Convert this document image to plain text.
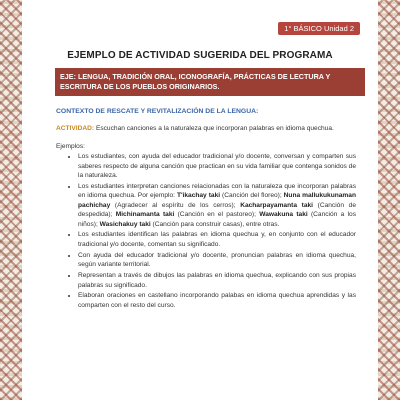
1° BÁSICO Unidad 2
EJEMPLO DE ACTIVIDAD SUGERIDA DEL PROGRAMA
EJE: LENGUA, TRADICIÓN ORAL, ICONOGRAFÍA, PRÁCTICAS DE LECTURA Y ESCRITURA DE LOS PUEBLOS ORIGINARIOS.
CONTEXTO DE RESCATE Y REVITALIZACIÓN DE LA LENGUA:
ACTIVIDAD: Escuchan canciones a la naturaleza que incorporan palabras en idioma quechua.
Ejemplos:
• Los estudiantes, con ayuda del educador tradicional y/o docente, conversan y comparten sus saberes respecto de alguna canción que practican en su vida familiar que contenga sonidos de la naturaleza.
• Los estudiantes interpretan canciones relacionadas con la naturaleza que incorporan palabras en idioma quechua. Por ejemplo: T'ikachay taki (Canción del floreo); Nuna mallukukunaman pachichay (Agradecer al espíritu de los cerros); Kacharpayamanta taki (Canción de despedida); Michinamanta taki (Canción en el pastoreo); Wawakuna taki (Canción a los niños); Wasichakuy taki (Canción para construir casas), entre otras.
• Los estudiantes identifican las palabras en idioma quechua y, en conjunto con el educador tradicional y/o docente, comentan su significado.
• Con ayuda del educador tradicional y/o docente, pronuncian palabras en idioma quechua, según variante territorial.
• Representan a través de dibujos las palabras en idioma quechua, explicando con sus propias palabras su significado.
• Elaboran oraciones en castellano incorporando palabas en idioma quechua aprendidas y las comparten con el resto del curso.
